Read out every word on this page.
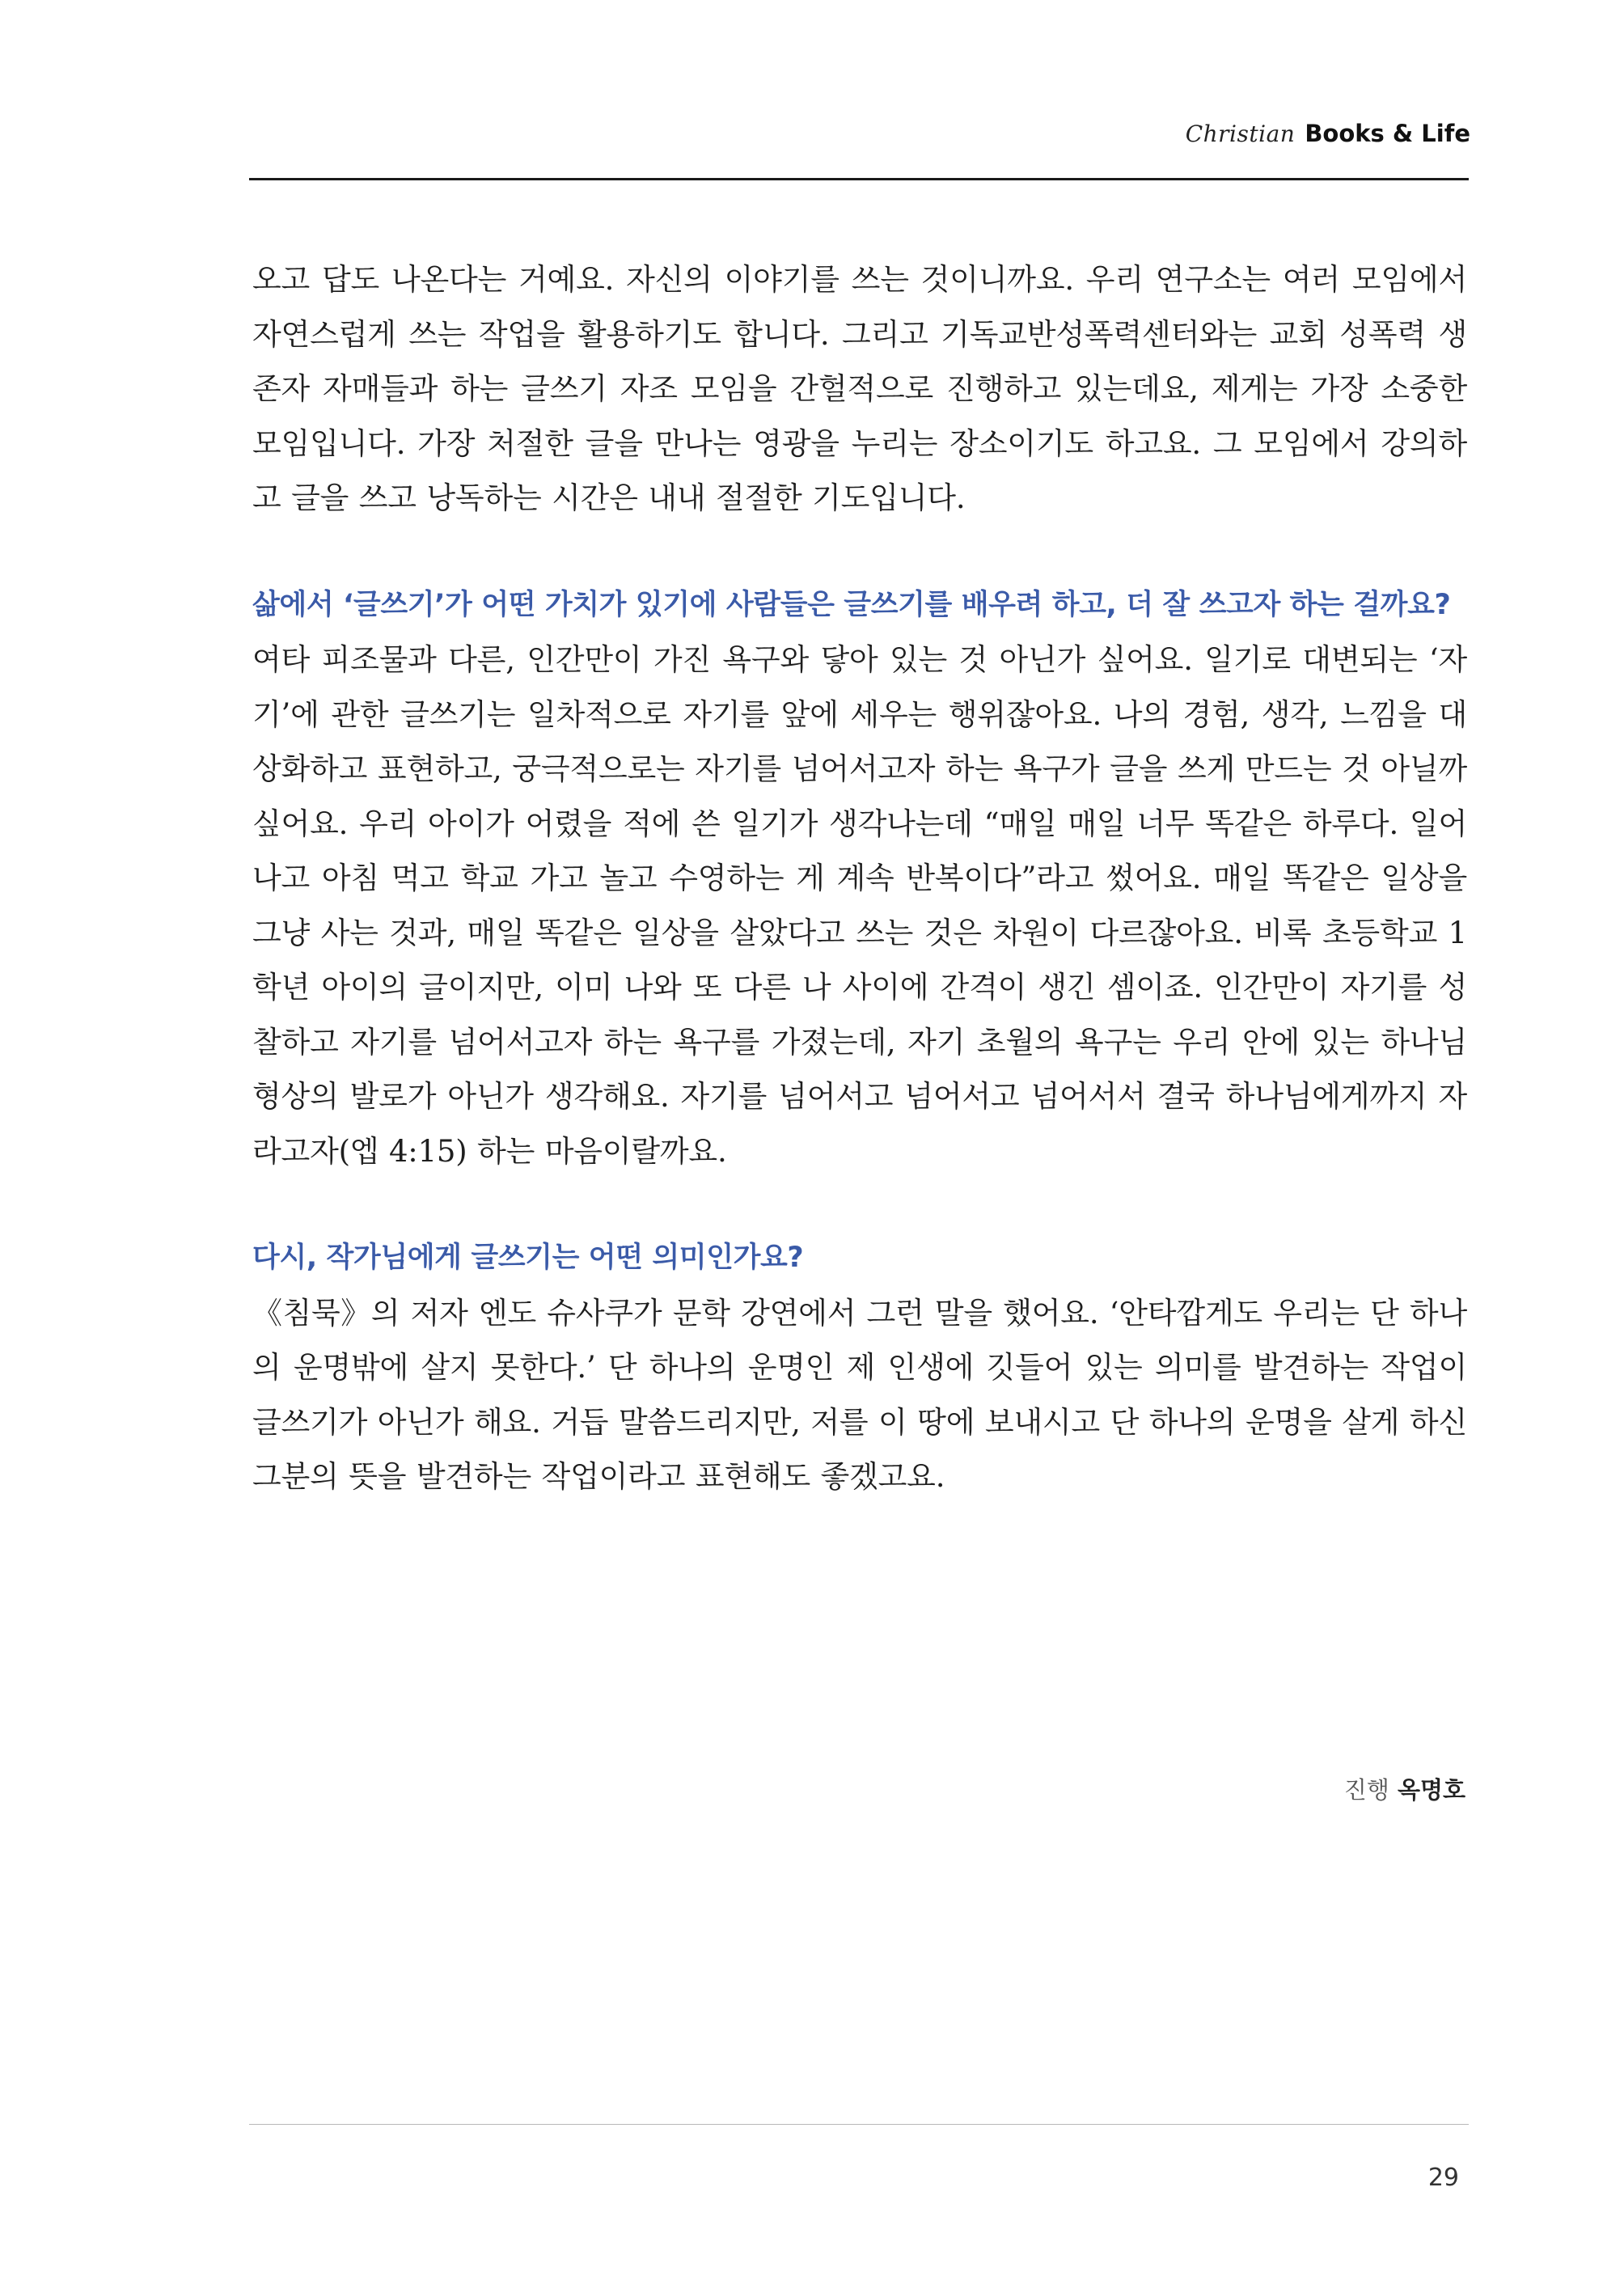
Christian Books & Life

오고 답도 나온다는 거예요. 자신의 이야기를 쓰는 것이니까요. 우리 연구소는 여러 모임에서 자연스럽게 쓰는 작업을 활용하기도 합니다. 그리고 기독교반성폭력센터와는 교회 성폭력 생존자 자매들과 하는 글쓰기 자조 모임을 간헐적으로 진행하고 있는데요, 제게는 가장 소중한 모임입니다. 가장 처절한 글을 만나는 영광을 누리는 장소이기도 하고요. 그 모임에서 강의하고 글을 쓰고 낭독하는 시간은 내내 절절한 기도입니다.

삶에서 ‘글쓰기’가 어떤 가치가 있기에 사람들은 글쓰기를 배우려 하고, 더 잘 쓰고자 하는 걸까요?

여타 피조물과 다른, 인간만이 가진 욕구와 닿아 있는 것 아닌가 싶어요. 일기로 대변되는 ‘자기’에 관한 글쓰기는 일차적으로 자기를 앞에 세우는 행위잖아요. 나의 경험, 생각, 느낌을 대상화하고 표현하고, 궁극적으로는 자기를 넘어서고자 하는 욕구가 글을 쓰게 만드는 것 아닐까 싶어요. 우리 아이가 어렸을 적에 쓴 일기가 생각나는데 “매일 매일 너무 똑같은 하루다. 일어나고 아침 먹고 학교 가고 놀고 수영하는 게 계속 반복이다”라고 썼어요. 매일 똑같은 일상을 그냥 사는 것과, 매일 똑같은 일상을 살았다고 쓰는 것은 차원이 다르잖아요. 비록 초등학교 1학년 아이의 글이지만, 이미 나와 또 다른 나 사이에 간격이 생긴 셈이죠. 인간만이 자기를 성찰하고 자기를 넘어서고자 하는 욕구를 가졌는데, 자기 초월의 욕구는 우리 안에 있는 하나님 형상의 발로가 아닌가 생각해요. 자기를 넘어서고 넘어서고 넘어서서 결국 하나님에게까지 자라고자(엡 4:15) 하는 마음이랄까요.

다시, 작가님에게 글쓰기는 어떤 의미인가요?

《침묵》의 저자 엔도 슈사쿠가 문학 강연에서 그런 말을 했어요. ‘안타깝게도 우리는 단 하나의 운명밖에 살지 못한다.’ 단 하나의 운명인 제 인생에 깃들어 있는 의미를 발견하는 작업이 글쓰기가 아닌가 해요. 거듭 말씀드리지만, 저를 이 땅에 보내시고 단 하나의 운명을 살게 하신 그분의 뜻을 발견하는 작업이라고 표현해도 좋겠고요.

진행 옥명호
29
